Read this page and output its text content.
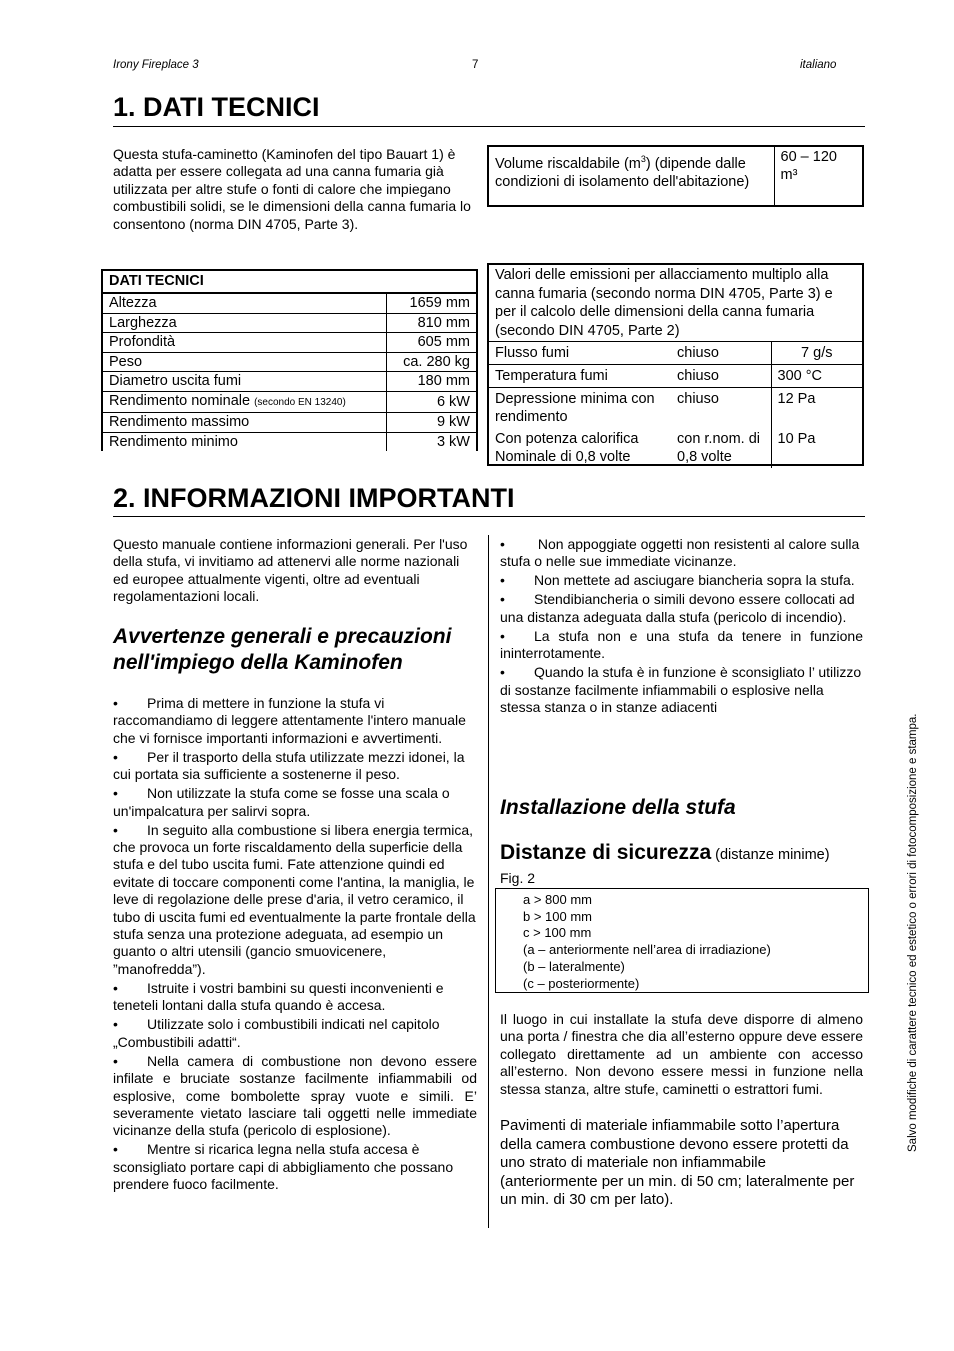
Irony Fireplace 3	7	italiano
1. DATI TECNICI
Questa stufa-caminetto (Kaminofen del tipo Bauart 1) è adatta per essere collegata ad una canna fumaria già utilizzata per altre stufe o fonti di calore che impiegano combustibili solidi, se le dimensioni della canna fumaria lo consentono (norma DIN 4705, Parte 3).
Volume riscaldabile $(m^3)$ (dipende dalle condizioni di isolamento dell'abitazione)	60 – 120 m³
DATI TECNICI	
Altezza	1659 mm
Larghezza	810 mm
Profondità	605 mm
Peso	ca. 280 kg
Diametro uscita fumi	180 mm
Rendimento nominale (secondo EN 13240)	6 kW
Rendimento massimo	9 kW
Rendimento minimo	3 kW
Valori delle emissioni per allacciamento multiplo alla canna fumaria (secondo norma DIN 4705, Parte 3) e per il calcolo delle dimensioni della canna fumaria (secondo DIN 4705, Parte 2)		
Flusso fumi	chiuso	7 g/s
Temperatura fumi	chiuso	300 °C
Depressione minima con rendimento	chiuso	12 Pa
Con potenza calorifica Nominale di 0,8 volte	con r.nom. di 0,8 volte	10 Pa
2. INFORMAZIONI IMPORTANTI
Questo manuale contiene informazioni generali. Per l'uso della stufa, vi invitiamo ad attenervi alle norme nazionali ed europee attualmente vigenti, oltre ad eventuali regolamentazioni locali.
Avvertenze generali e precauzioni nell'impiego della Kaminofen
• Prima di mettere in funzione la stufa vi raccomandiamo di leggere attentamente l'intero manuale che vi fornisce importanti informazioni e avvertimenti.
• Per il trasporto della stufa utilizzate mezzi idonei, la cui portata sia sufficiente a sostenerne il peso.
• Non utilizzate la stufa come se fosse una scala o un'impalcatura per salirvi sopra.
• In seguito alla combustione si libera energia termica, che provoca un forte riscaldamento della superficie della stufa e del tubo uscita fumi. Fate attenzione quindi ed evitate di toccare componenti come l'antina, la maniglia, le leve di regolazione delle prese d'aria, il vetro ceramico, il tubo di uscita fumi ed eventualmente la parte frontale della stufa senza una protezione adeguata, ad esempio un guanto o altri utensili (gancio smuovicenere, ”manofredda”).
• Istruite i vostri bambini su questi inconvenienti e teneteli lontani dalla stufa quando è accesa.
• Utilizzate solo i combustibili indicati nel capitolo „Combustibili adatti“.
• Nella camera di combustione non devono essere infilate e bruciate sostanze facilmente infiammabili od esplosive, come bombolette spray vuote e simili. E’ severamente vietato lasciare tali oggetti nelle immediate vicinanze della stufa (pericolo di esplosione).
• Mentre si ricarica legna nella stufa accesa è sconsigliato portare capi di abbigliamento che possano prendere fuoco facilmente.
• Non appoggiate oggetti non resistenti al calore sulla stufa o nelle sue immediate vicinanze.
• Non mettete ad asciugare biancheria sopra la stufa.
• Stendibiancheria o simili devono essere collocati ad una distanza adeguata dalla stufa (pericolo di incendio).
• La stufa non e una stufa da tenere in funzione ininterrotamente.
• Quando la stufa è in funzione è sconsigliato l’ utilizzo di sostanze facilmente infiammabili o esplosive nella stessa stanza o in stanze adiacenti
Installazione della stufa
Distanze di sicurezza (distanze minime)
Fig. 2
a > 800 mm
b > 100 mm
c > 100 mm
(a – anteriormente nell’area di irradiazione)
(b – lateralmente)
(c – posteriormente)
Il luogo in cui installate la stufa deve disporre di almeno una porta / finestra che dia all’esterno oppure deve essere collegato direttamente ad un ambiente con accesso all’esterno. Non devono essere messi in funzione nella stessa stanza, altre stufe, caminetti o estrattori fumi.
Pavimenti di materiale infiammabile sotto l’apertura della camera combustione devono essere protetti da uno strato di materiale non infiammabile (anteriormente per un min. di 50 cm; lateralmente per un min. di 30 cm per lato).
Salvo modifiche di carattere tecnico ed estetico o errori di fotocomposizione e stampa.
